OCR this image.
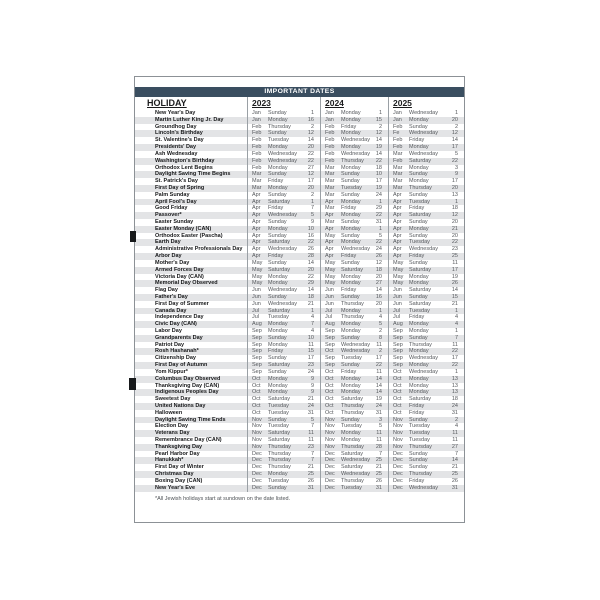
IMPORTANT DATES
HOLIDAY	2023	2024	2025
New Year's Day	Jan	Sunday	1 Jan	Monday	1 Jan	Wednesday	1
Martin Luther King Jr. Day	Jan	Monday	16 Jan	Monday	15 Jan	Monday	20
Groundhog Day	Feb	Thursday	2 Feb	Friday	2 Feb	Sunday	2
Lincoln's Birthday	Feb	Sunday	12 Feb	Monday	12 Fe	Wednesday	12
St. Valentine's Day	Feb	Tuesday	14 Feb	Wednesday	14 Feb	Friday	14
Presidents' Day	Feb	Monday	20 Feb	Monday	19 Feb	Monday	17
Ash Wednesday	Feb	Wednesday	22 Feb	Wednesday	14 Mar	Wednesday	5
Washington's Birthday	Feb	Wednesday	22 Feb	Thursday	22 Feb	Saturday	22
Orthodox Lent Begins	Feb	Monday	27 Mar	Monday	18 Mar	Monday	3
Daylight Saving Time Begins	Mar	Sunday	12 Mar	Sunday	10 Mar	Sunday	9
St. Patrick's Day	Mar	Friday	17 Mar	Sunday	17 Mar	Monday	17
First Day of Spring	Mar	Monday	20 Mar	Tuesday	19 Mar	Thursday	20
Palm Sunday	Apr	Sunday	2 Mar	Sunday	24 Apr	Sunday	13
April Fool's Day	Apr	Saturday	1 Apr	Monday	1 Apr	Tuesday	1
Good Friday	Apr	Friday	7 Mar	Friday	29 Apr	Friday	18
Passover*	Apr	Wednesday	5 Apr	Monday	22 Apr	Saturday	12
Easter Sunday	Apr	Sunday	9 Mar	Sunday	31 Apr	Sunday	20
Easter Monday (CAN)	Apr	Monday	10 Apr	Monday	1 Apr	Monday	21
Orthodox Easter (Pascha)	Apr	Sunday	16 May	Sunday	5 Apr	Sunday	20
Earth Day	Apr	Saturday	22 Apr	Monday	22 Apr	Tuesday	22
Administrative Professionals Day	Apr	Wednesday	26 Apr	Wednesday	24 Apr	Wednesday	23
Arbor Day	Apr	Friday	28 Apr	Friday	26 Apr	Friday	25
Mother's Day	May	Sunday	14 May	Sunday	12 May	Sunday	11
Armed Forces Day	May	Saturday	20 May	Saturday	18 May	Saturday	17
Victoria Day (CAN)	May	Monday	22 May	Monday	20 May	Monday	19
Memorial Day Observed	May	Monday	29 May	Monday	27 May	Monday	26
Flag Day	Jun	Wednesday	14 Jun	Friday	14 Jun	Saturday	14
Father's Day	Jun	Sunday	18 Jun	Sunday	16 Jun	Sunday	15
First Day of Summer	Jun	Wednesday	21 Jun	Thursday	20 Jun	Saturday	21
Canada Day	Jul	Saturday	1 Jul	Monday	1 Jul	Tuesday	1
Independence Day	Jul	Tuesday	4 Jul	Thursday	4 Jul	Friday	4
Civic Day (CAN)	Aug	Monday	7 Aug	Monday	5 Aug	Monday	4
Labor Day	Sep	Monday	4 Sep	Monday	2 Sep	Monday	1
Grandparents Day	Sep	Sunday	10 Sep	Sunday	8 Sep	Sunday	7
Patriot Day	Sep	Monday	11 Sep	Wednesday	11 Sep	Thursday	11
Rosh Hashanah*	Sep	Friday	15 Oct	Wednesday	2 Sep	Monday	22
Citizenship Day	Sep	Sunday	17 Sep	Tuesday	17 Sep	Wednesday	17
First Day of Autumn	Sep	Saturday	23 Sep	Sunday	22 Sep	Monday	22
Yom Kippur*	Sep	Sunday	24 Oct	Friday	11 Oct	Wednesday	1
Columbus Day Observed	Oct	Monday	9 Oct	Monday	14 Oct	Monday	13
Thanksgiving Day (CAN)	Oct	Monday	9 Oct	Monday	14 Oct	Monday	13
Indigenous Peoples Day	Oct	Monday	9 Oct	Monday	14 Oct	Monday	13
Sweetest Day	Oct	Saturday	21 Oct	Saturday	19 Oct	Saturday	18
United Nations Day	Oct	Tuesday	24 Oct	Thursday	24 Oct	Friday	24
Halloween	Oct	Tuesday	31 Oct	Thursday	31 Oct	Friday	31
Daylight Saving Time Ends	Nov	Sunday	5 Nov	Sunday	3 Nov	Sunday	2
Election Day	Nov	Tuesday	7 Nov	Tuesday	5 Nov	Tuesday	4
Veterans Day	Nov	Saturday	11 Nov	Monday	11 Nov	Tuesday	11
Remembrance Day (CAN)	Nov	Saturday	11 Nov	Monday	11 Nov	Tuesday	11
Thanksgiving Day	Nov	Thursday	23 Nov	Thursday	28 Nov	Thursday	27
Pearl Harbor Day	Dec	Thursday	7 Dec	Saturday	7 Dec	Sunday	7
Hanukkah*	Dec	Thursday	7 Dec	Wednesday	25 Dec	Sunday	14
First Day of Winter	Dec	Thursday	21 Dec	Saturday	21 Dec	Sunday	21
Christmas Day	Dec	Monday	25 Dec	Wednesday	25 Dec	Thursday	25
Boxing Day (CAN)	Dec	Tuesday	26 Dec	Thursday	26 Dec	Friday	26
New Year's Eve	Dec	Sunday	31 Dec	Tuesday	31 Dec	Wednesday	31
*All Jewish holidays start at sundown on the date listed.
